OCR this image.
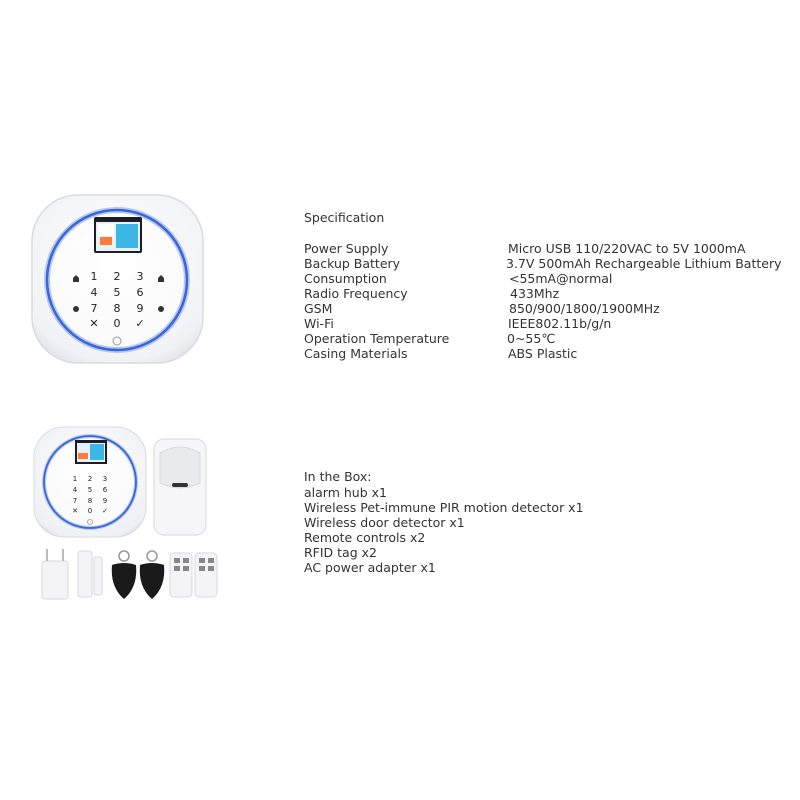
1 2 3
4 5 6
7 8 9
✕ 0 ✓
1 2 3
4 5 6
7 8 9
✕ 0 ✓
Specification
Power Supply	Micro USB 110/220VAC to 5V 1000mA
Backup Battery	3.7V 500mAh Rechargeable Lithium Battery
Consumption	<55mA@normal
Radio Frequency	433Mhz
GSM	850/900/1800/1900MHz
Wi-Fi	IEEE802.11b/g/n
Operation Temperature	0~55℃
Casing Materials	ABS Plastic
In the Box:
alarm hub x1
Wireless Pet-immune PIR motion detector x1
Wireless door detector x1
Remote controls x2
RFID tag x2
AC power adapter x1
